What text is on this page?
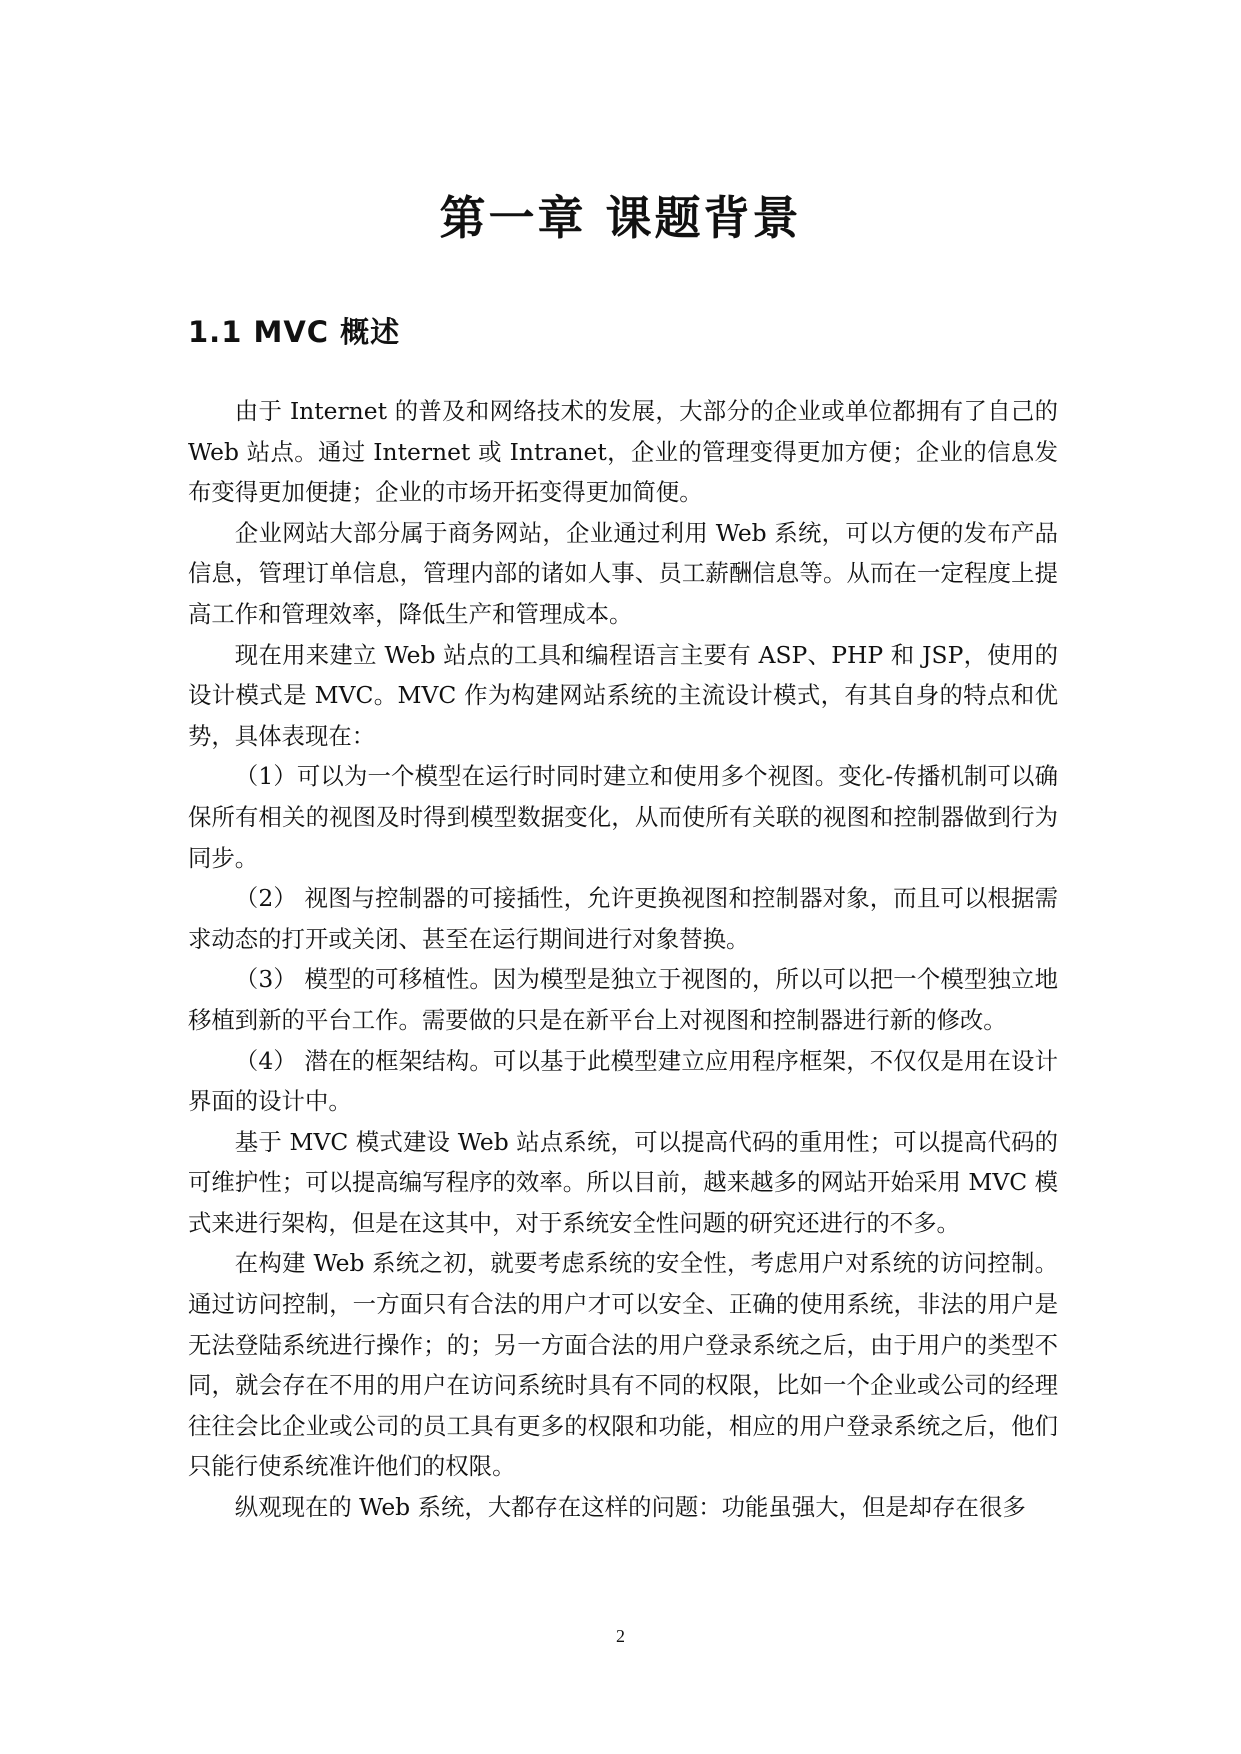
第一章 课题背景
1.1 MVC 概述

由于 Internet 的普及和网络技术的发展，大部分的企业或单位都拥有了自己的 Web 站点。通过 Internet 或 Intranet，企业的管理变得更加方便；企业的信息发布变得更加便捷；企业的市场开拓变得更加简便。

企业网站大部分属于商务网站，企业通过利用 Web 系统，可以方便的发布产品信息，管理订单信息，管理内部的诸如人事、员工薪酬信息等。从而在一定程度上提高工作和管理效率，降低生产和管理成本。

现在用来建立 Web 站点的工具和编程语言主要有 ASP、PHP 和 JSP，使用的设计模式是 MVC。MVC 作为构建网站系统的主流设计模式，有其自身的特点和优势，具体表现在：

（1）可以为一个模型在运行时同时建立和使用多个视图。变化-传播机制可以确保所有相关的视图及时得到模型数据变化，从而使所有关联的视图和控制器做到行为同步。

（2） 视图与控制器的可接插性，允许更换视图和控制器对象，而且可以根据需求动态的打开或关闭、甚至在运行期间进行对象替换。

（3） 模型的可移植性。因为模型是独立于视图的，所以可以把一个模型独立地移植到新的平台工作。需要做的只是在新平台上对视图和控制器进行新的修改。

（4） 潜在的框架结构。可以基于此模型建立应用程序框架，不仅仅是用在设计界面的设计中。

基于 MVC 模式建设 Web 站点系统，可以提高代码的重用性；可以提高代码的可维护性；可以提高编写程序的效率。所以目前，越来越多的网站开始采用 MVC 模式来进行架构，但是在这其中，对于系统安全性问题的研究还进行的不多。

在构建 Web 系统之初，就要考虑系统的安全性，考虑用户对系统的访问控制。通过访问控制，一方面只有合法的用户才可以安全、正确的使用系统，非法的用户是无法登陆系统进行操作；的；另一方面合法的用户登录系统之后，由于用户的类型不同，就会存在不用的用户在访问系统时具有不同的权限，比如一个企业或公司的经理往往会比企业或公司的员工具有更多的权限和功能，相应的用户登录系统之后，他们只能行使系统准许他们的权限。

纵观现在的 Web 系统，大都存在这样的问题：功能虽强大，但是却存在很多

2
